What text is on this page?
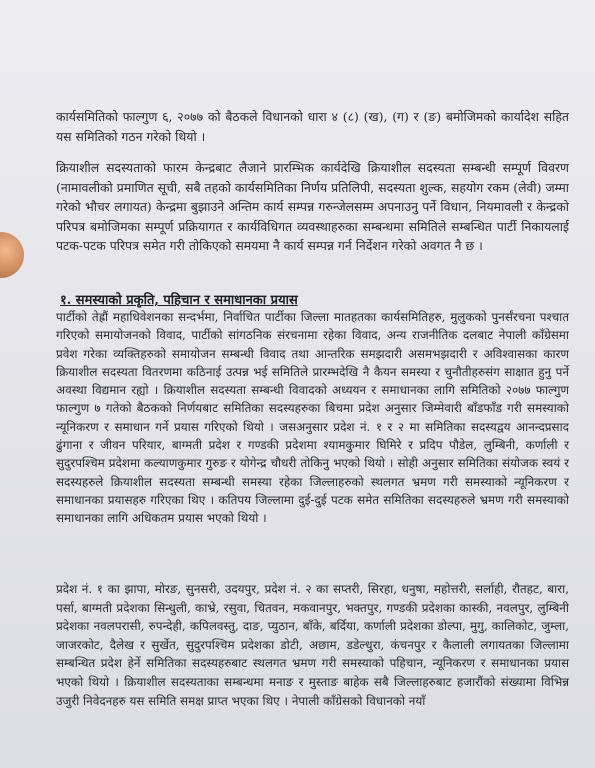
कार्यसमितिको फाल्गुण ६, २०७७ को बैठकले विधानको धारा ४ (८) (ख), (ग) र (ङ) बमोजिमको कार्यादेश सहित यस समितिको गठन गरेको थियो ।

क्रियाशील सदस्यताको फारम केन्द्रबाट लैजाने प्रारम्भिक कार्यदेखि क्रियाशील सदस्यता सम्बन्धी सम्पूर्ण विवरण (नामावलीको प्रमाणित सूची, सबै तहको कार्यसमितिका निर्णय प्रतिलिपी, सदस्यता शुल्क, सहयोग रकम (लेवी) जम्मा गरेको भौचर लगायत) केन्द्रमा बुझाउने अन्तिम कार्य सम्पन्न गरुन्जेलसम्म अपनाउनु पर्ने विधान, नियमावली र केन्द्रको परिपत्र बमोजिमका सम्पूर्ण प्रक्रियागत र कार्यविधिगत व्यवस्थाहरुका सम्बन्धमा समितिले सम्बन्धित पार्टी निकायलाई पटक-पटक परिपत्र समेत गरी तोकिएको समयमा नै कार्य सम्पन्न गर्न निर्देशन गरेको अवगत नै छ ।

१. समस्याको प्रकृति, पहिचान र समाधानका प्रयास

पार्टीको तेह्रौं महाधिवेशनका सन्दर्भमा, निर्वाचित पार्टीका जिल्ला मातहतका कार्यसमितिहरु, मुलुकको पुनर्संरचना पश्चात गरिएको समायोजनको विवाद, पार्टीको सांगठनिक संरचनामा रहेका विवाद, अन्य राजनीतिक दलबाट नेपाली काँग्रेसमा प्रवेश गरेका व्यक्तिहरुको समायोजन सम्बन्धी विवाद तथा आन्तरिक समझदारी असमभझदारी र अविश्वासका कारण क्रियाशील सदस्यता वितरणमा कठिनाई उत्पन्न भई समितिले प्रारम्भदेखि नै कैयन समस्या र चुनौतीहरुसंग साक्षात हुनु पर्ने अवस्था विद्यमान रह्यो । क्रियाशील सदस्यता सम्बन्धी विवादको अध्ययन र समाधानका लागि समितिको २०७७ फाल्गुण फाल्गुण ७ गतेको बैठकको निर्णयबाट समितिका सदस्यहरुका बिचमा प्रदेश अनुसार जिम्मेवारी बाँडफाँड गरी समस्याको न्यूनिकरण र समाधान गर्ने प्रयास गरिएको थियो । जसअनुसार प्रदेश नं. १ र २ मा समितिका सदस्यद्वय आनन्दप्रसाद ढुंगाना र जीवन परियार, बाग्मती प्रदेश र गण्डकी प्रदेशमा श्यामकुमार घिमिरे र प्रदिप पौडेल, लुम्बिनी, कर्णाली र सुदुरपश्चिम प्रदेशमा कल्याणकुमार गुरुङ र योगेन्द्र चौधरी तोकिनु भएको थियो । सोही अनुसार समितिका संयोजक स्वयं र सदस्यहरुले क्रियाशील सदस्यता सम्बन्धी समस्या रहेका जिल्लाहरुको स्थलगत भ्रमण गरी समस्याको न्यूनिकरण र समाधानका प्रयासहरु गरिएका थिए । कतिपय जिल्लामा दुई-दुई पटक समेत समितिका सदस्यहरुले भ्रमण गरी समस्याको समाधानका लागि अधिकतम प्रयास भएको थियो ।

प्रदेश नं. १ का झापा, मोरङ, सुनसरी, उदयपुर, प्रदेश नं. २ का सप्तरी, सिरहा, धनुषा, महोत्तरी, सर्लाही, रौतहट, बारा, पर्सा, बाग्मती प्रदेशका सिन्धुली, काभ्रे, रसुवा, चितवन, मकवानपुर, भक्तपुर, गण्डकी प्रदेशका कास्की, नवलपुर, लुम्बिनी प्रदेशका नवलपरासी, रुपन्देही, कपिलवस्तु, दाङ, प्युठान, बाँके, बर्दिया, कर्णाली प्रदेशका डोल्पा, मुगु, कालिकोट, जुम्ला, जाजरकोट, दैलेख र सुर्खेत, सुदुरपश्चिम प्रदेशका डोटी, अछाम, डडेल्धुरा, कंचनपुर र कैलाली लगायतका जिल्लामा सम्बन्धित प्रदेश हेर्ने समितिका सदस्यहरुबाट स्थलगत भ्रमण गरी समस्याको पहिचान, न्यूनिकरण र समाधानका प्रयास भएको थियो । क्रियाशील सदस्यताका सम्बन्धमा मनाङ र मुस्ताङ बाहेक सबै जिल्लाहरुबाट हजारौंको संख्यामा विभिन्न उजुरी निवेदनहरु यस समिति समक्ष प्राप्त भएका थिए । नेपाली काँग्रेसको विधानको नयाँ
